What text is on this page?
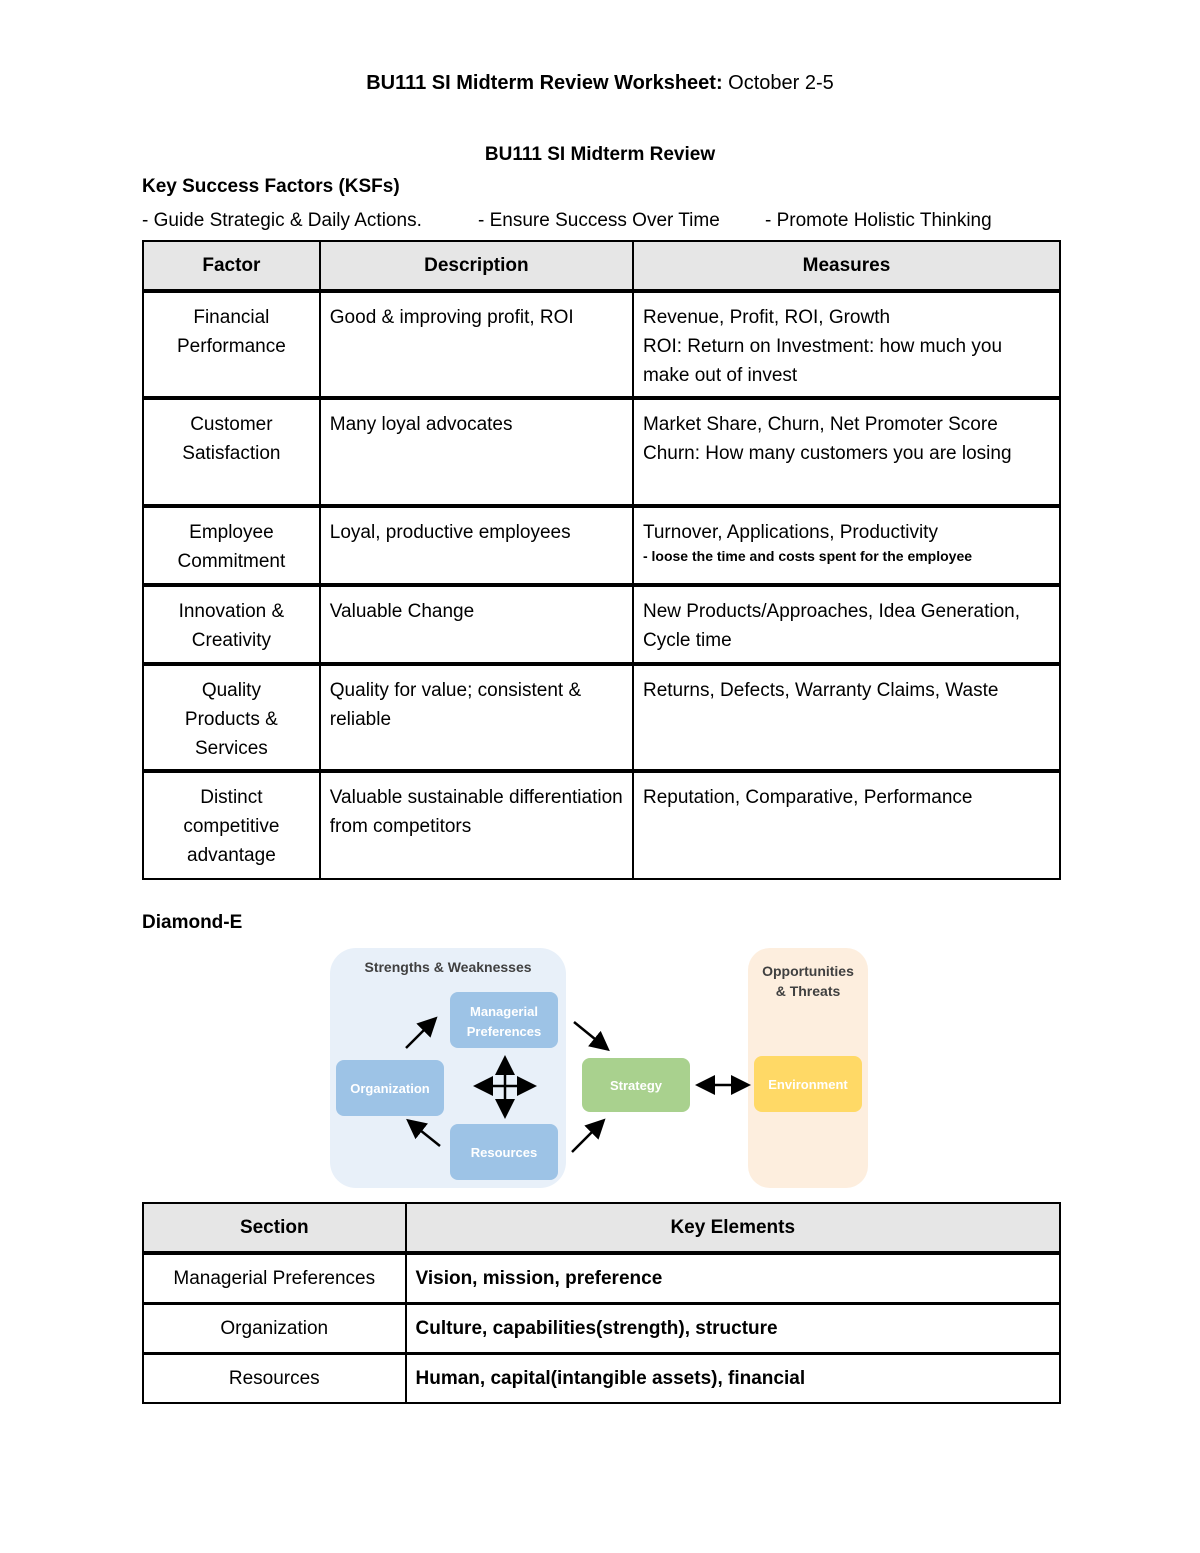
BU111 SI Midterm Review Worksheet: October 2-5
BU111 SI Midterm Review
Key Success Factors (KSFs)
- Guide Strategic & Daily Actions.	- Ensure Success Over Time - Promote Holistic Thinking
Factor	Description	Measures
Financial
Performance	Good & improving profit, ROI	Revenue, Profit, ROI, Growth
ROI: Return on Investment: how much you make out of invest
Customer
Satisfaction	Many loyal advocates	Market Share, Churn, Net Promoter Score
Churn: How many customers you are losing
Employee
Commitment	Loyal, productive employees	Turnover, Applications, Productivity
- loose the time and costs spent for the employee

Innovation &
Creativity	Valuable Change	New Products/Approaches, Idea Generation, Cycle time
Quality
Products &
Services	Quality for value; consistent & reliable	Returns, Defects, Warranty Claims, Waste
Distinct
competitive
advantage	Valuable sustainable differentiation from competitors	Reputation, Comparative, Performance
Diamond-E
Strengths & Weaknesses	Opportunities
& Threats
Managerial
Preferences
Organization
Resources
Strategy	Environment
Section	Key Elements
Managerial Preferences	Vision, mission, preference
Organization	Culture, capabilities(strength), structure
Resources	Human, capital(intangible assets), financial
